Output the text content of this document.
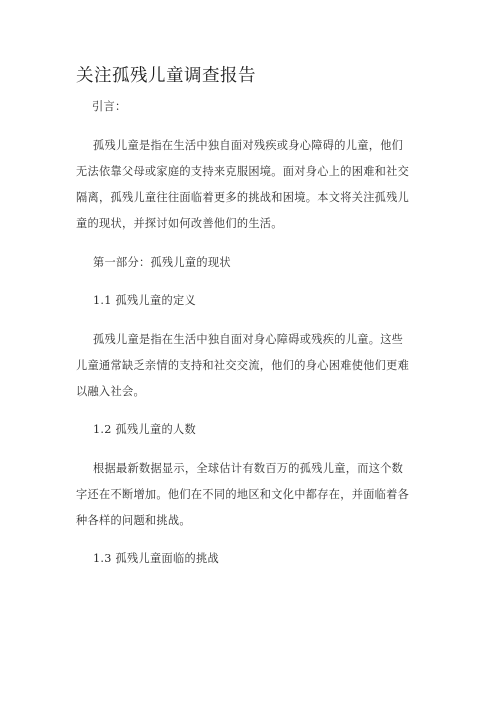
关注孤残儿童调查报告
引言：
孤残儿童是指在生活中独自面对残疾或身心障碍的儿童，他们
无法依靠父母或家庭的支持来克服困境。面对身心上的困难和社交
隔离，孤残儿童往往面临着更多的挑战和困境。本文将关注孤残儿
童的现状，并探讨如何改善他们的生活。
第一部分：孤残儿童的现状
1.1 孤残儿童的定义
孤残儿童是指在生活中独自面对身心障碍或残疾的儿童。这些
儿童通常缺乏亲情的支持和社交交流，他们的身心困难使他们更难
以融入社会。
1.2 孤残儿童的人数
根据最新数据显示，全球估计有数百万的孤残儿童，而这个数
字还在不断增加。他们在不同的地区和文化中都存在，并面临着各
种各样的问题和挑战。
1.3 孤残儿童面临的挑战
